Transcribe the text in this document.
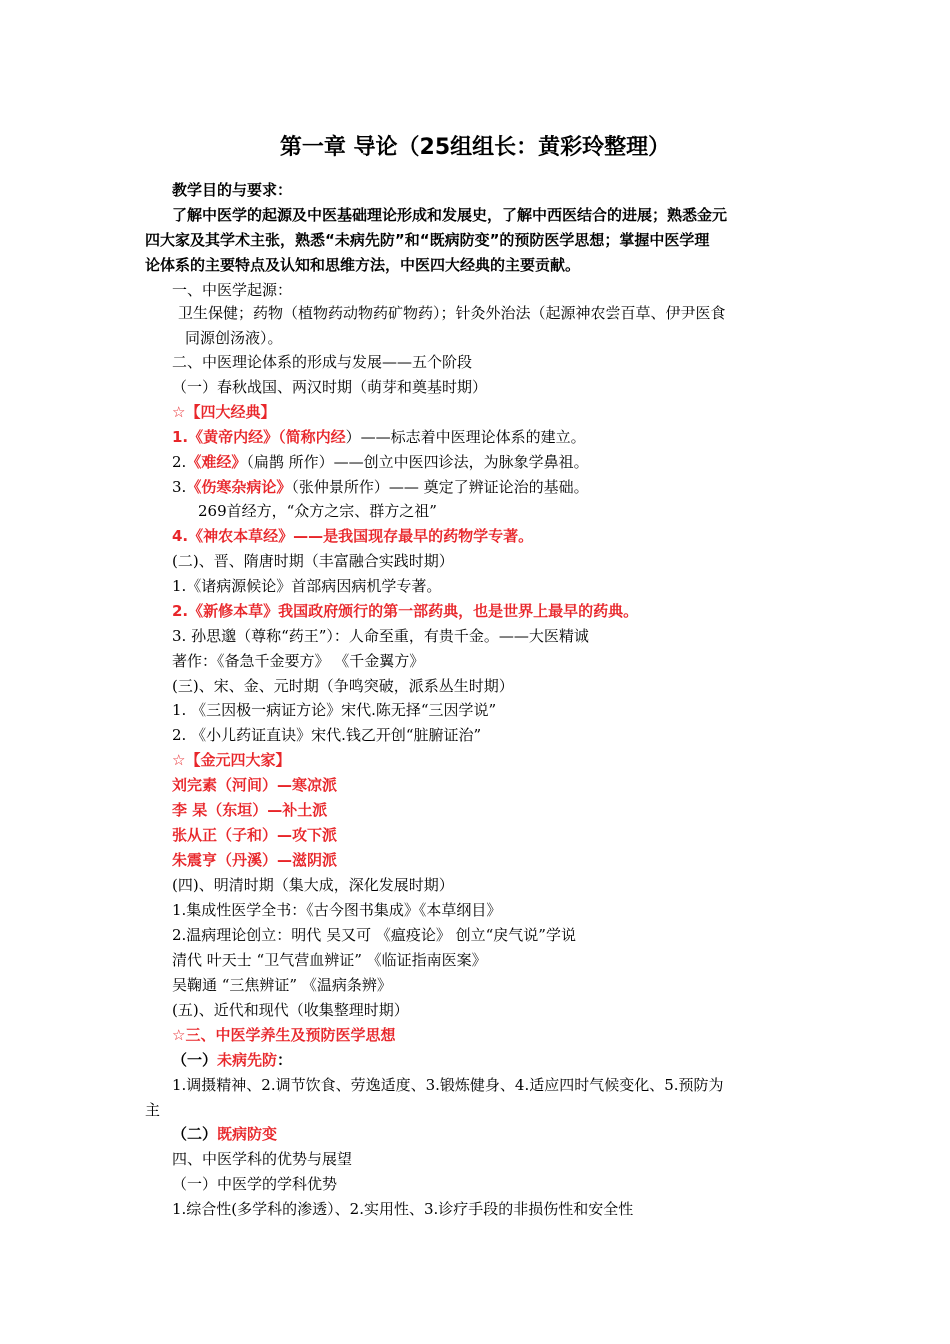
第一章 导论（25组组长：黄彩玲整理）
教学目的与要求：
了解中医学的起源及中医基础理论形成和发展史，了解中西医结合的进展；熟悉金元
四大家及其学术主张，熟悉“未病先防”和“既病防变”的预防医学思想；掌握中医学理
论体系的主要特点及认知和思维方法，中医四大经典的主要贡献。
一、中医学起源：
卫生保健；药物（植物药动物药矿物药）；针灸外治法（起源神农尝百草、伊尹医食
同源创汤液）。
二、中医理论体系的形成与发展——五个阶段
（一）春秋战国、两汉时期（萌芽和奠基时期）
☆【四大经典】
1.《黄帝内经》（简称内经）——标志着中医理论体系的建立。
2.《难经》（扁鹊 所作）——创立中医四诊法，为脉象学鼻祖。
3.《伤寒杂病论》（张仲景所作）—— 奠定了辨证论治的基础。
269首经方，“众方之宗、群方之祖”
4.《神农本草经》——是我国现存最早的药物学专著。
(二)、晋、隋唐时期（丰富融合实践时期）
1.《诸病源候论》首部病因病机学专著。
2.《新修本草》我国政府颁行的第一部药典，也是世界上最早的药典。
3. 孙思邈（尊称“药王”）：人命至重，有贵千金。——大医精诚
著作：《备急千金要方》 《千金翼方》
(三)、宋、金、元时期（争鸣突破，派系丛生时期）
1. 《三因极一病证方论》宋代.陈无择“三因学说”
2. 《小儿药证直诀》宋代.钱乙开创“脏腑证治”
☆【金元四大家】
刘完素（河间）—寒凉派
李 杲（东垣）—补土派
张从正（子和）—攻下派
朱震亨（丹溪）—滋阴派
(四)、明清时期（集大成，深化发展时期）
1.集成性医学全书：《古今图书集成》《本草纲目》
2.温病理论创立：明代 吴又可 《瘟疫论》 创立“戾气说”学说
清代 叶天士 “卫气营血辨证” 《临证指南医案》
吴鞠通 “三焦辨证” 《温病条辨》
(五)、近代和现代（收集整理时期）
☆三、中医学养生及预防医学思想
（一）未病先防：
1.调摄精神、2.调节饮食、劳逸适度、3.锻炼健身、4.适应四时气候变化、5.预防为
主
（二）既病防变
四、中医学科的优势与展望
（一）中医学的学科优势
1.综合性(多学科的渗透）、2.实用性、3.诊疗手段的非损伤性和安全性
